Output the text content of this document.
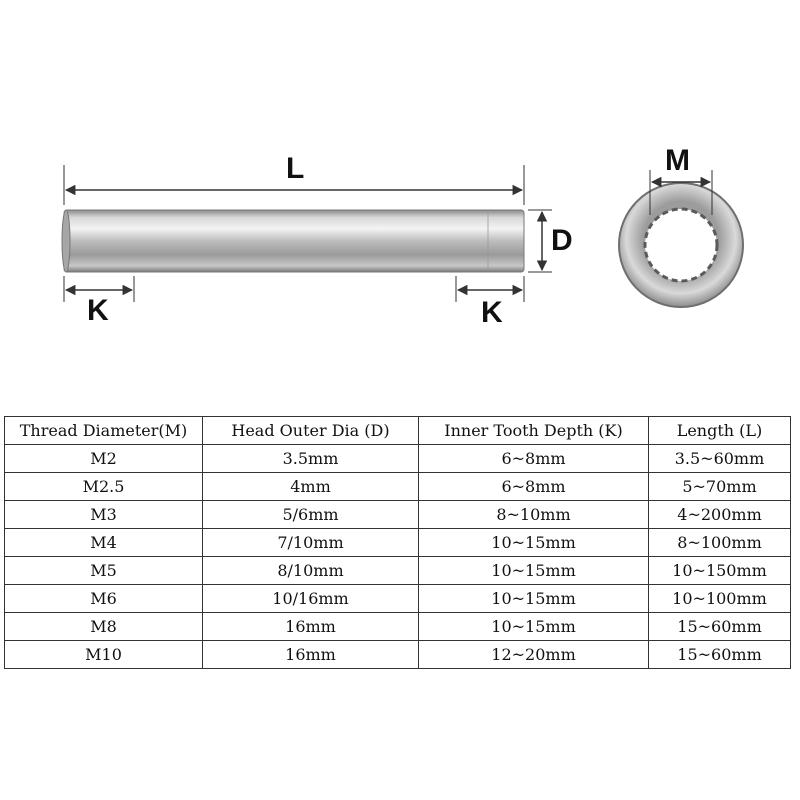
L
D
K	K
M
Thread Diameter(M)	Head Outer Dia (D)	Inner Tooth Depth (K)	Length (L)
M2	3.5mm	6~8mm	3.5~60mm
M2.5	4mm	6~8mm	5~70mm
M3	5/6mm	8~10mm	4~200mm
M4	7/10mm	10~15mm	8~100mm
M5	8/10mm	10~15mm	10~150mm
M6	10/16mm	10~15mm	10~100mm
M8	16mm	10~15mm	15~60mm
M10	16mm	12~20mm	15~60mm
